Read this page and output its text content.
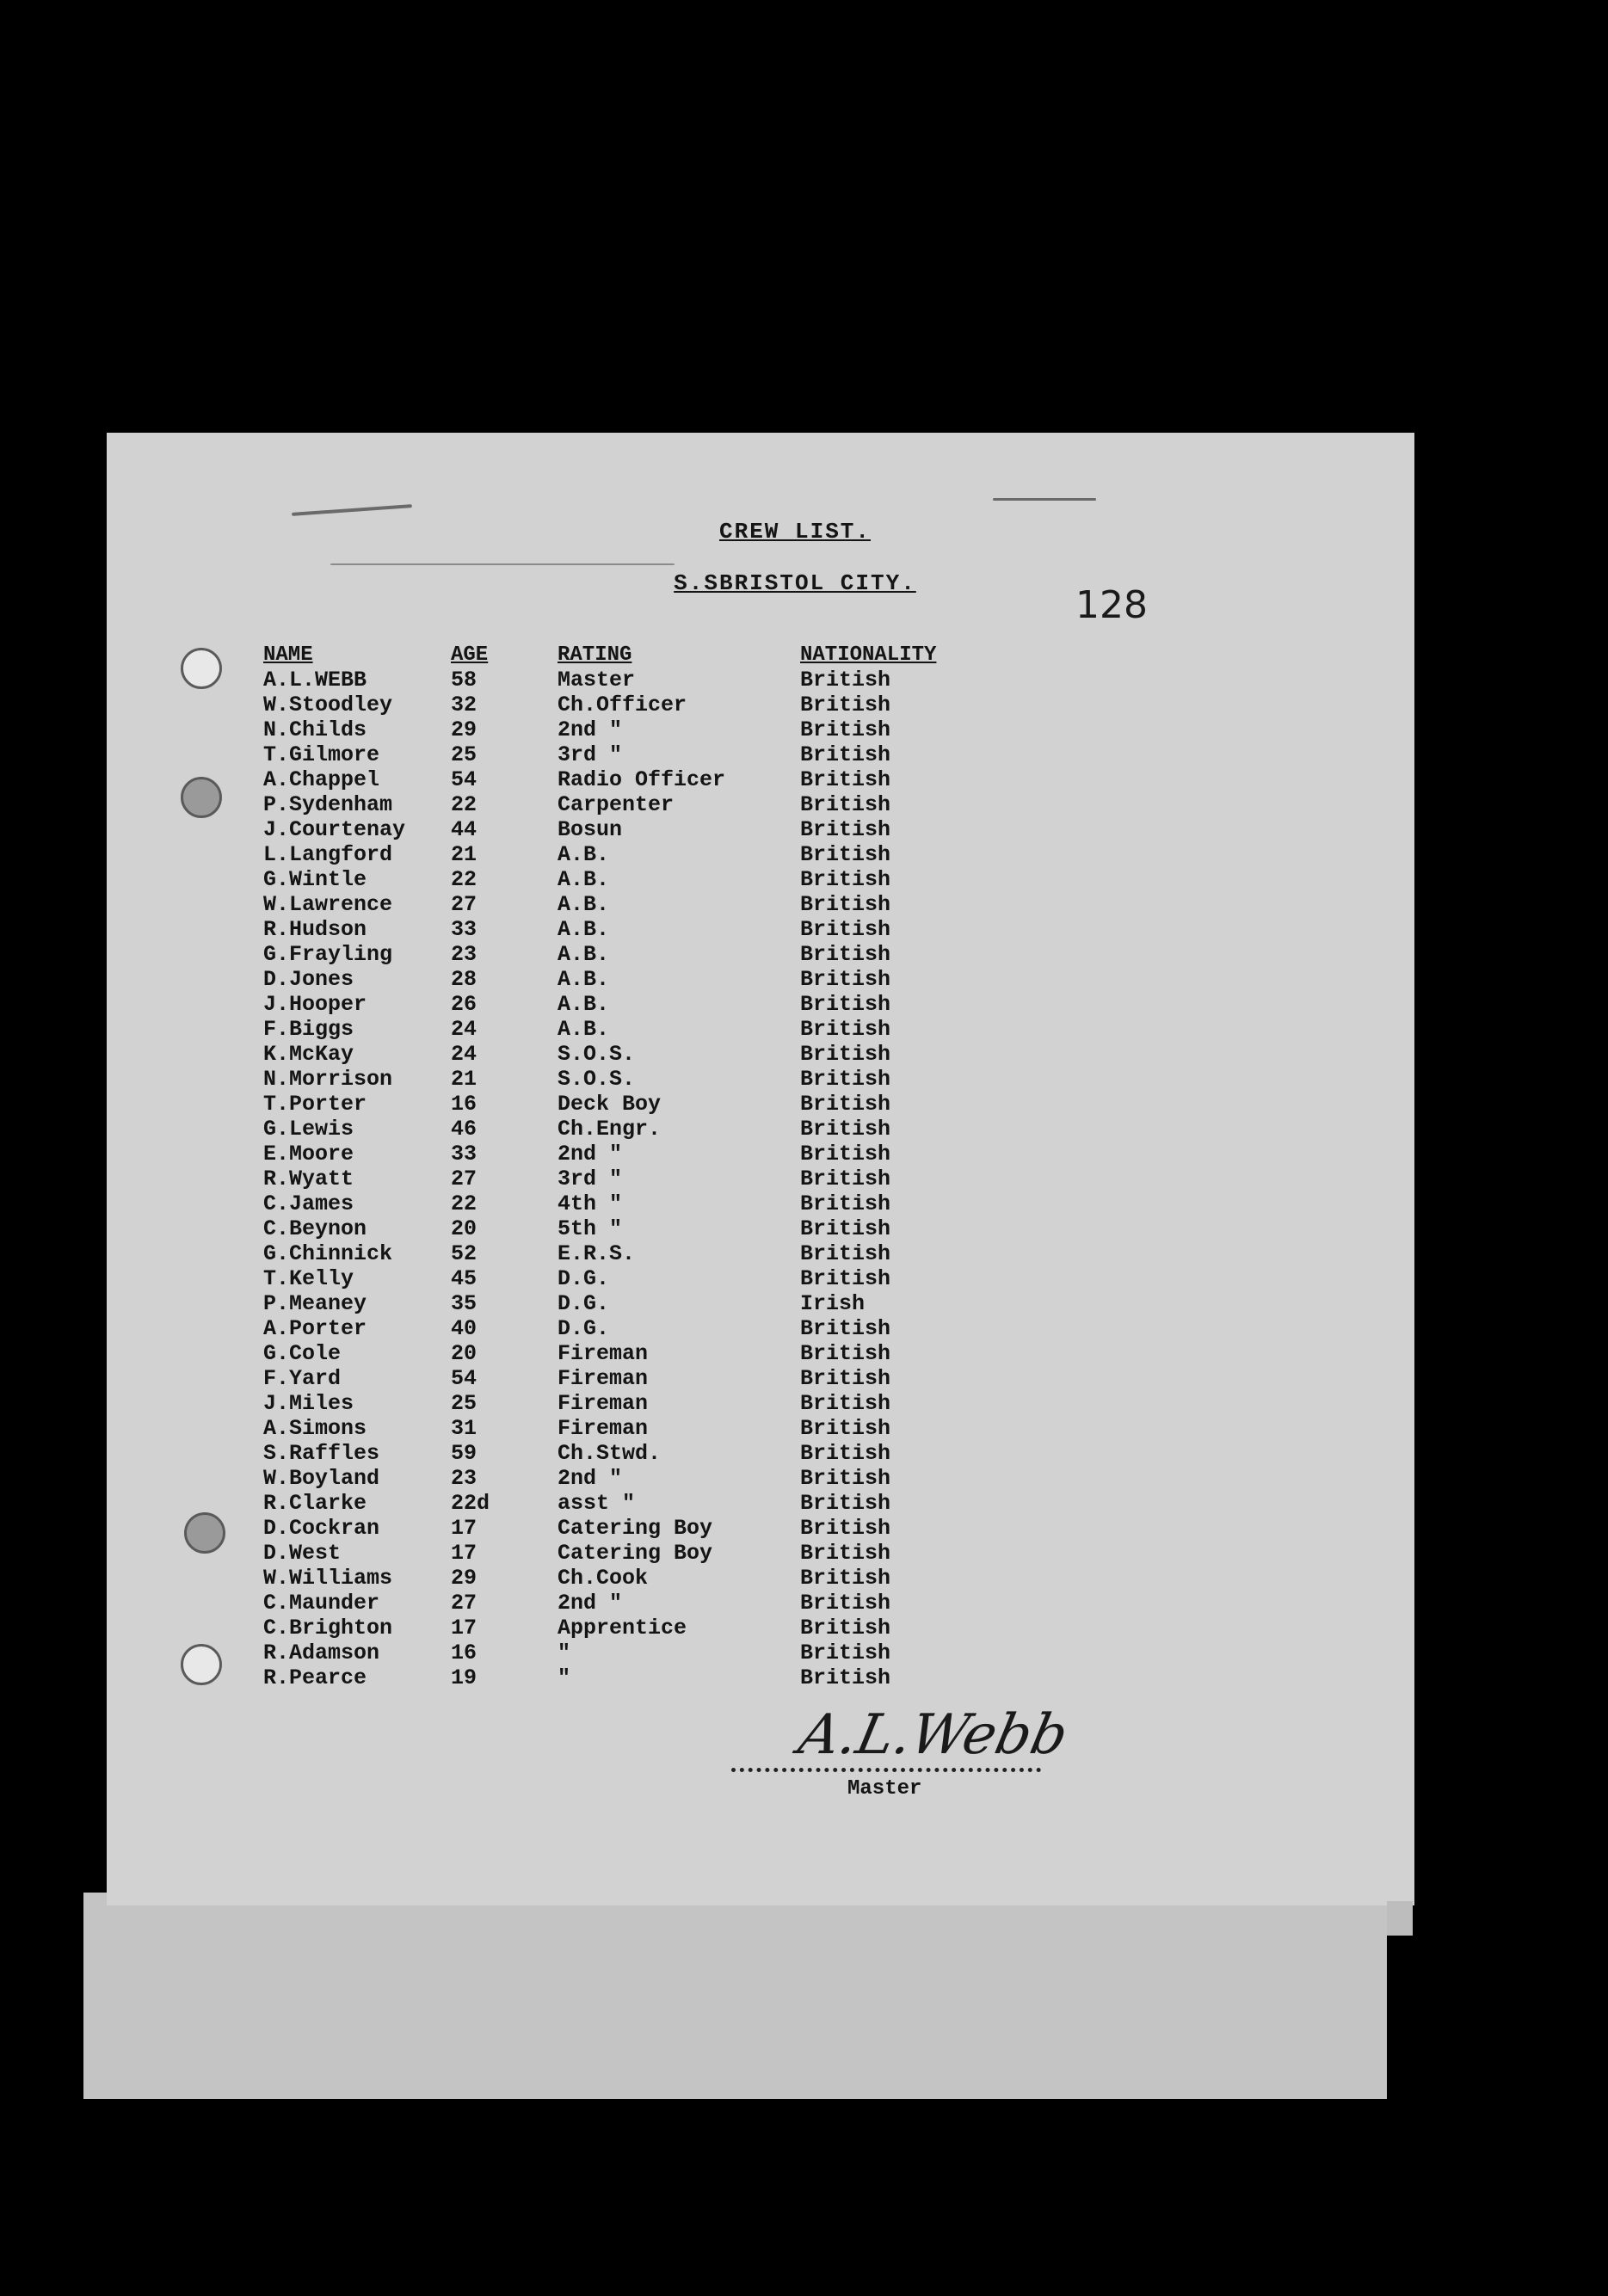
CREW LIST.
S.SBRISTOL CITY.	128
NAME	AGE	RATING	NATIONALITY
A.L.WEBB	58	Master	British
W.Stoodley	32	Ch.Officer	British
N.Childs	29	2nd "	British
T.Gilmore	25	3rd "	British
A.Chappel	54	Radio Officer	British
P.Sydenham	22	Carpenter	British
J.Courtenay	44	Bosun	British
L.Langford	21	A.B.	British
G.Wintle	22	A.B.	British
W.Lawrence	27	A.B.	British
R.Hudson	33	A.B.	British
G.Frayling	23	A.B.	British
D.Jones	28	A.B.	British
J.Hooper	26	A.B.	British
F.Biggs	24	A.B.	British
K.McKay	24	S.O.S.	British
N.Morrison	21	S.O.S.	British
T.Porter	16	Deck Boy	British
G.Lewis	46	Ch.Engr.	British
E.Moore	33	2nd "	British
R.Wyatt	27	3rd "	British
C.James	22	4th "	British
C.Beynon	20	5th "	British
G.Chinnick	52	E.R.S.	British
T.Kelly	45	D.G.	British
P.Meaney	35	D.G.	Irish
A.Porter	40	D.G.	British
G.Cole	20	Fireman	British
F.Yard	54	Fireman	British
J.Miles	25	Fireman	British
A.Simons	31	Fireman	British
S.Raffles	59	Ch.Stwd.	British
W.Boyland	23	2nd "	British
R.Clarke	22d	asst "	British
D.Cockran	17	Catering Boy	British
D.West	17	Catering Boy	British
W.Williams	29	Ch.Cook	British
C.Maunder	27	2nd "	British
C.Brighton	17	Apprentice	British
R.Adamson	16	"	British
R.Pearce	19	"	British
A.L.Webb
Master
